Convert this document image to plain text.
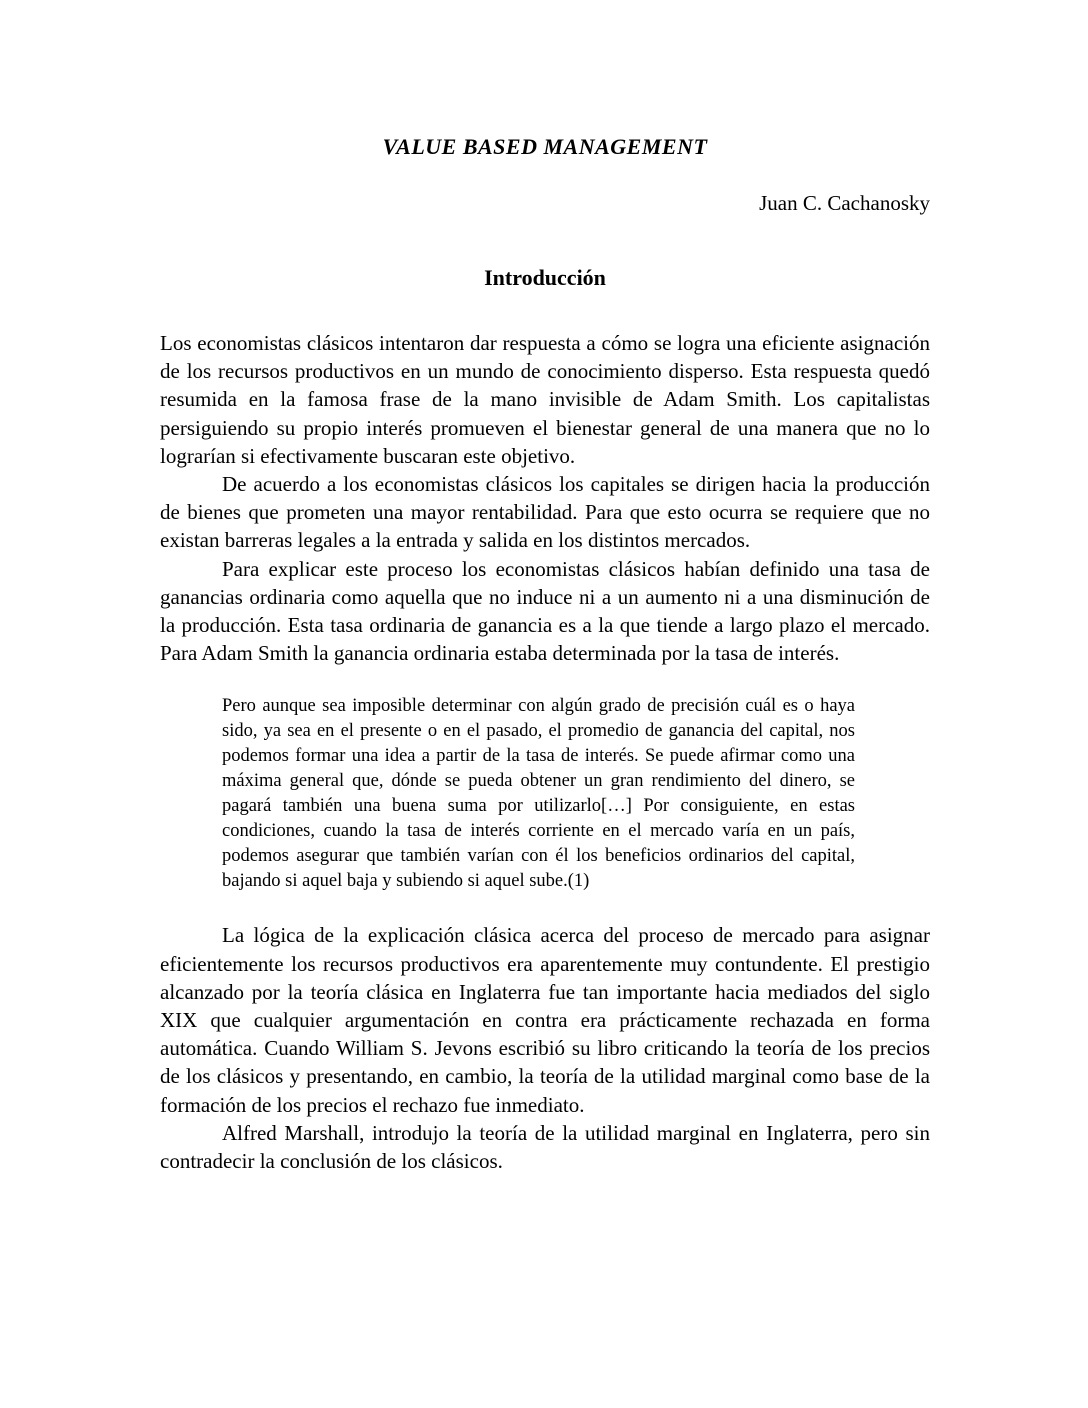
VALUE BASED MANAGEMENT
Juan C. Cachanosky
Introducción

Los economistas clásicos intentaron dar respuesta a cómo se logra una eficiente asignación de los recursos productivos en un mundo de conocimiento disperso. Esta respuesta quedó resumida en la famosa frase de la mano invisible de Adam Smith. Los capitalistas persiguiendo su propio interés promueven el bienestar general de una manera que no lo lograrían si efectivamente buscaran este objetivo.

De acuerdo a los economistas clásicos los capitales se dirigen hacia la producción de bienes que prometen una mayor rentabilidad. Para que esto ocurra se requiere que no existan barreras legales a la entrada y salida en los distintos mercados.

Para explicar este proceso los economistas clásicos habían definido una tasa de ganancias ordinaria como aquella que no induce ni a un aumento ni a una disminución de la producción. Esta tasa ordinaria de ganancia es a la que tiende a largo plazo el mercado. Para Adam Smith la ganancia ordinaria estaba determinada por la tasa de interés.

Pero aunque sea imposible determinar con algún grado de precisión cuál es o haya sido, ya sea en el presente o en el pasado, el promedio de ganancia del capital, nos podemos formar una idea a partir de la tasa de interés. Se puede afirmar como una máxima general que, dónde se pueda obtener un gran rendimiento del dinero, se pagará también una buena suma por utilizarlo[…] Por consiguiente, en estas condiciones, cuando la tasa de interés corriente en el mercado varía en un país, podemos asegurar que también varían con él los beneficios ordinarios del capital, bajando si aquel baja y subiendo si aquel sube.(1)

La lógica de la explicación clásica acerca del proceso de mercado para asignar eficientemente los recursos productivos era aparentemente muy contundente. El prestigio alcanzado por la teoría clásica en Inglaterra fue tan importante hacia mediados del siglo XIX que cualquier argumentación en contra era prácticamente rechazada en forma automática. Cuando William S. Jevons escribió su libro criticando la teoría de los precios de los clásicos y presentando, en cambio, la teoría de la utilidad marginal como base de la formación de los precios el rechazo fue inmediato.

Alfred Marshall, introdujo la teoría de la utilidad marginal en Inglaterra, pero sin contradecir la conclusión de los clásicos.
